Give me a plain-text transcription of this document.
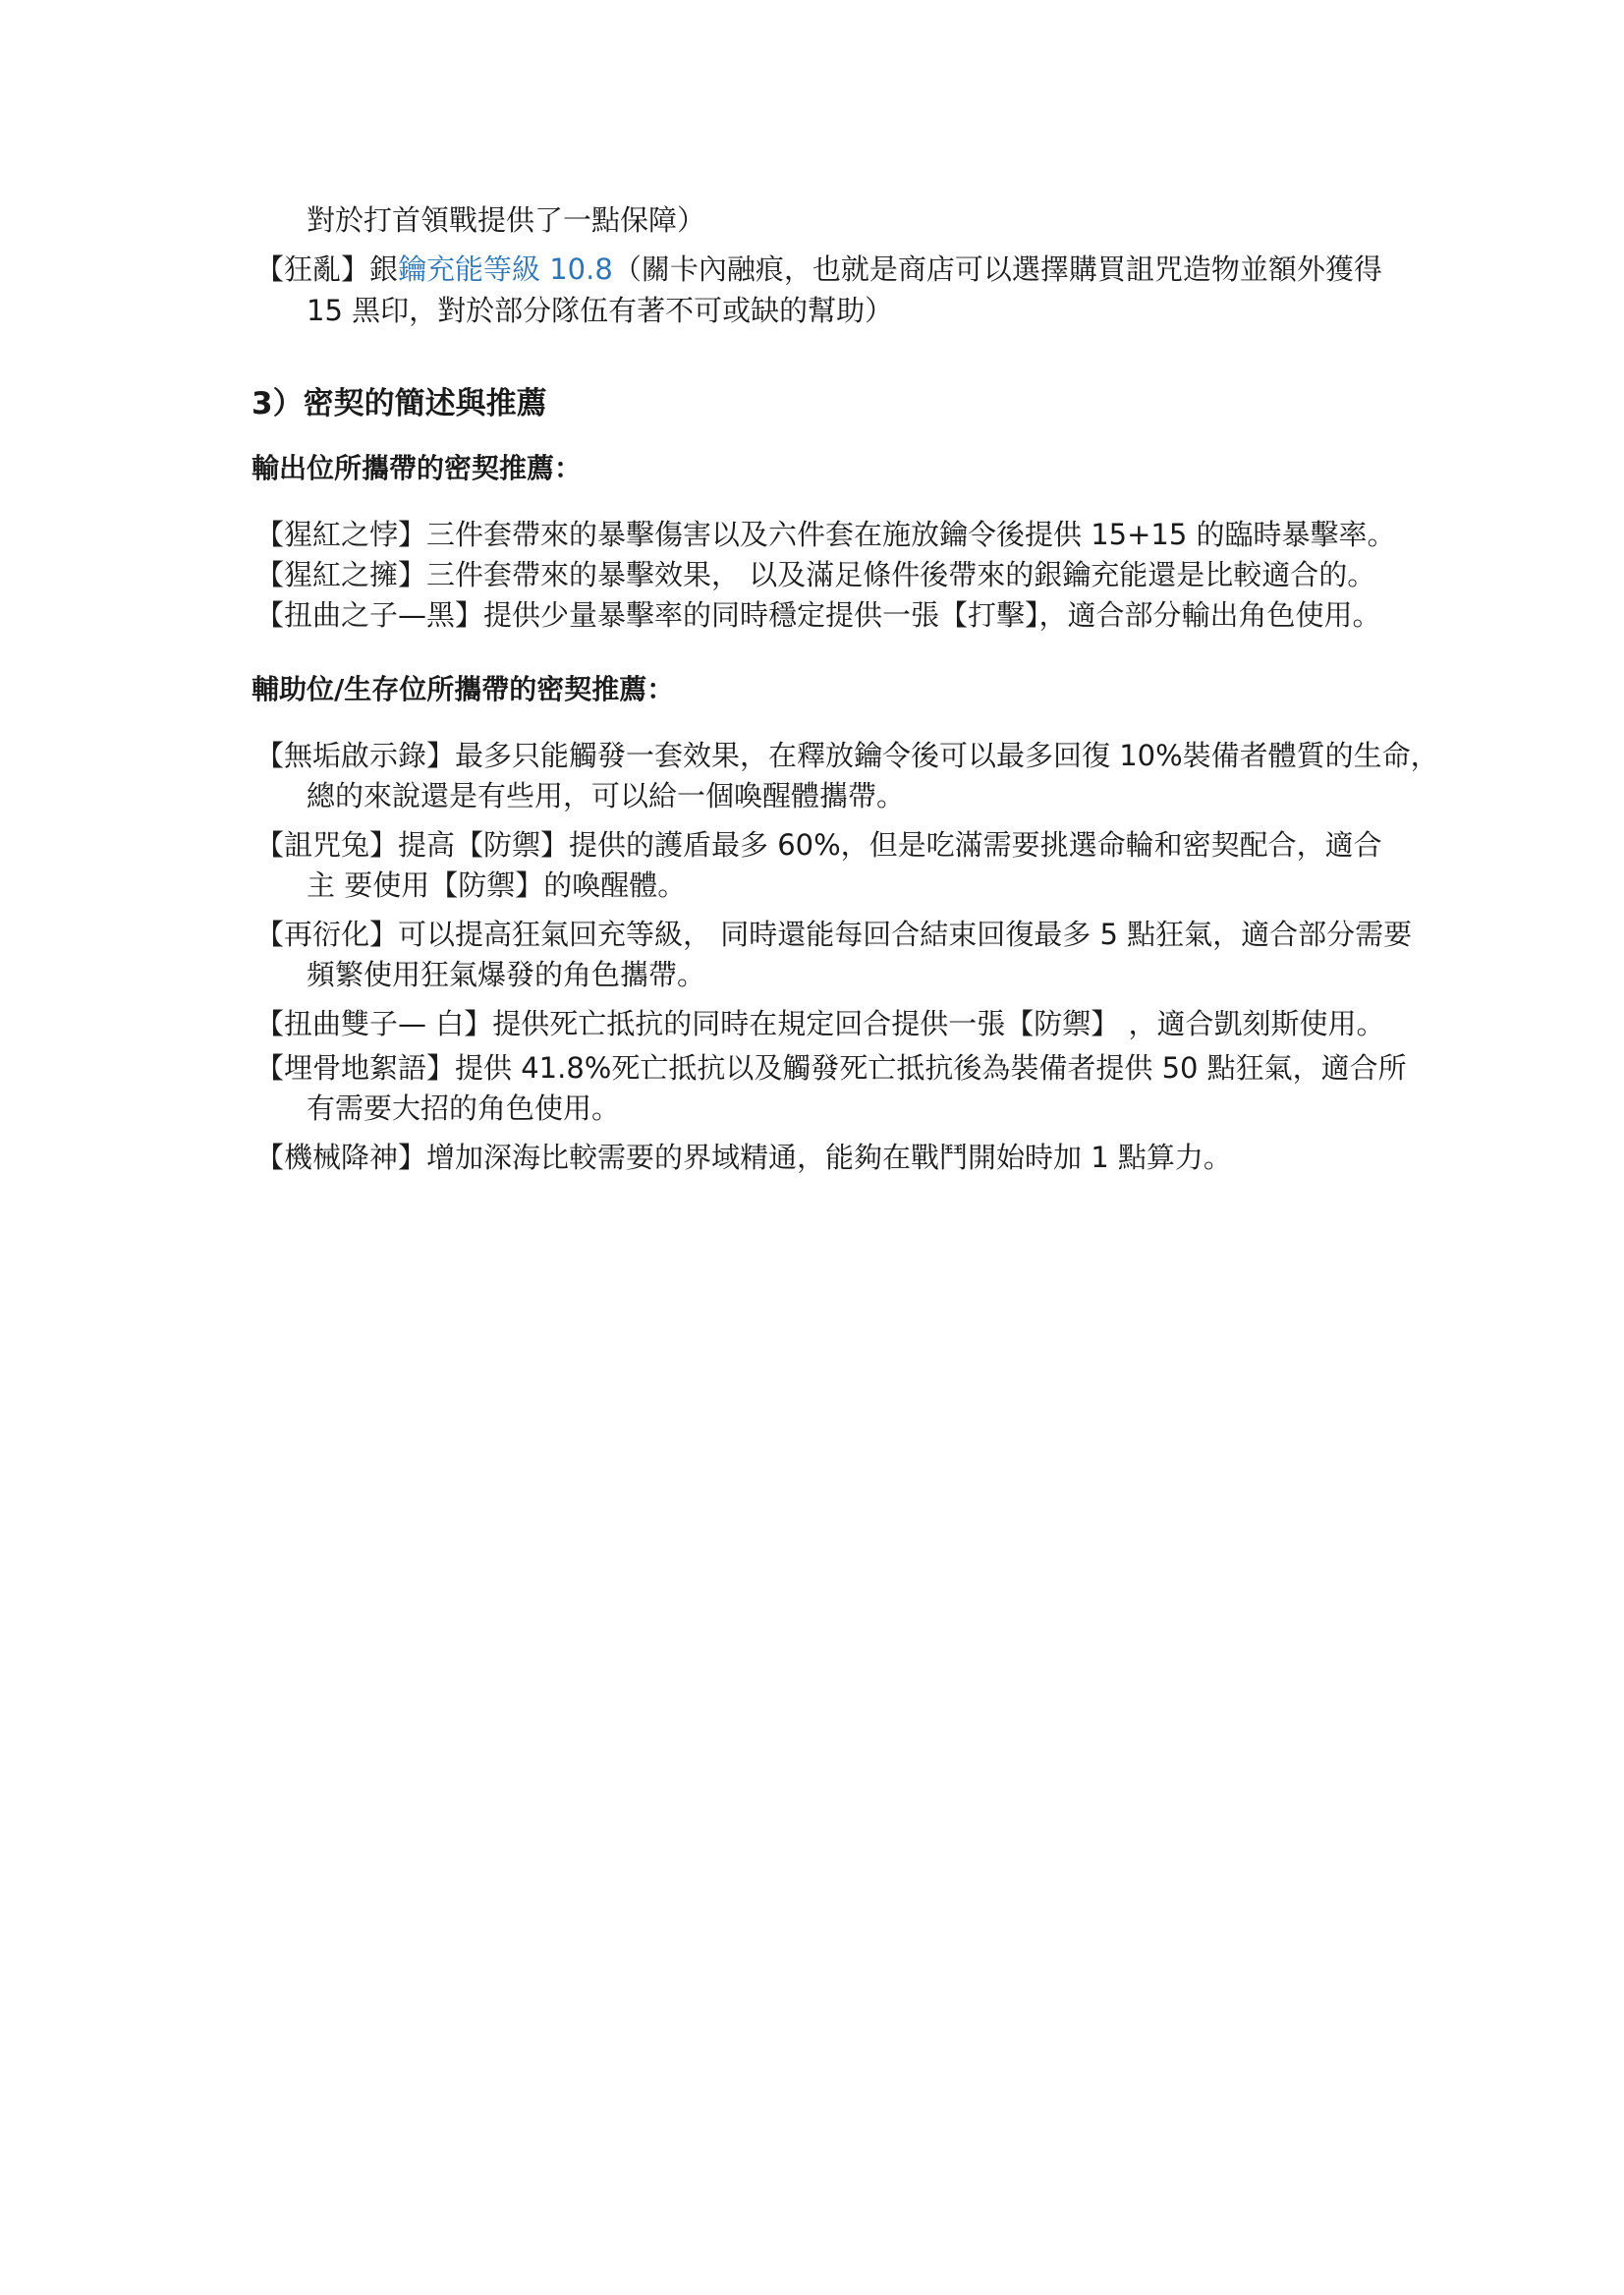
對於打首領戰提供了一點保障）
【狂亂】銀鑰充能等級 10.8（關卡內融痕，也就是商店可以選擇購買詛咒造物並額外獲得
15 黑印，對於部分隊伍有著不可或缺的幫助）
3）密契的簡述與推薦
輸出位所攜帶的密契推薦：
【猩紅之悖】三件套帶來的暴擊傷害以及六件套在施放鑰令後提供 15+15 的臨時暴擊率。
【猩紅之擁】三件套帶來的暴擊效果， 以及滿足條件後帶來的銀鑰充能還是比較適合的。
【扭曲之子—黑】提供少量暴擊率的同時穩定提供一張【打擊】，適合部分輸出角色使用。
輔助位/生存位所攜帶的密契推薦：
【無垢啟示錄】最多只能觸發一套效果，在釋放鑰令後可以最多回復 10%裝備者體質的生命，
總的來說還是有些用，可以給一個喚醒體攜帶。
【詛咒兔】提高【防禦】提供的護盾最多 60%，但是吃滿需要挑選命輪和密契配合，適合
主 要使用【防禦】的喚醒體。
【再衍化】可以提高狂氣回充等級， 同時還能每回合結束回復最多 5 點狂氣，適合部分需要
頻繁使用狂氣爆發的角色攜帶。
【扭曲雙子— 白】提供死亡抵抗的同時在規定回合提供一張【防禦】 ，適合凱刻斯使用。
【埋骨地絮語】提供 41.8%死亡抵抗以及觸發死亡抵抗後為裝備者提供 50 點狂氣，適合所
有需要大招的角色使用。
【機械降神】增加深海比較需要的界域精通，能夠在戰鬥開始時加 1 點算力。
